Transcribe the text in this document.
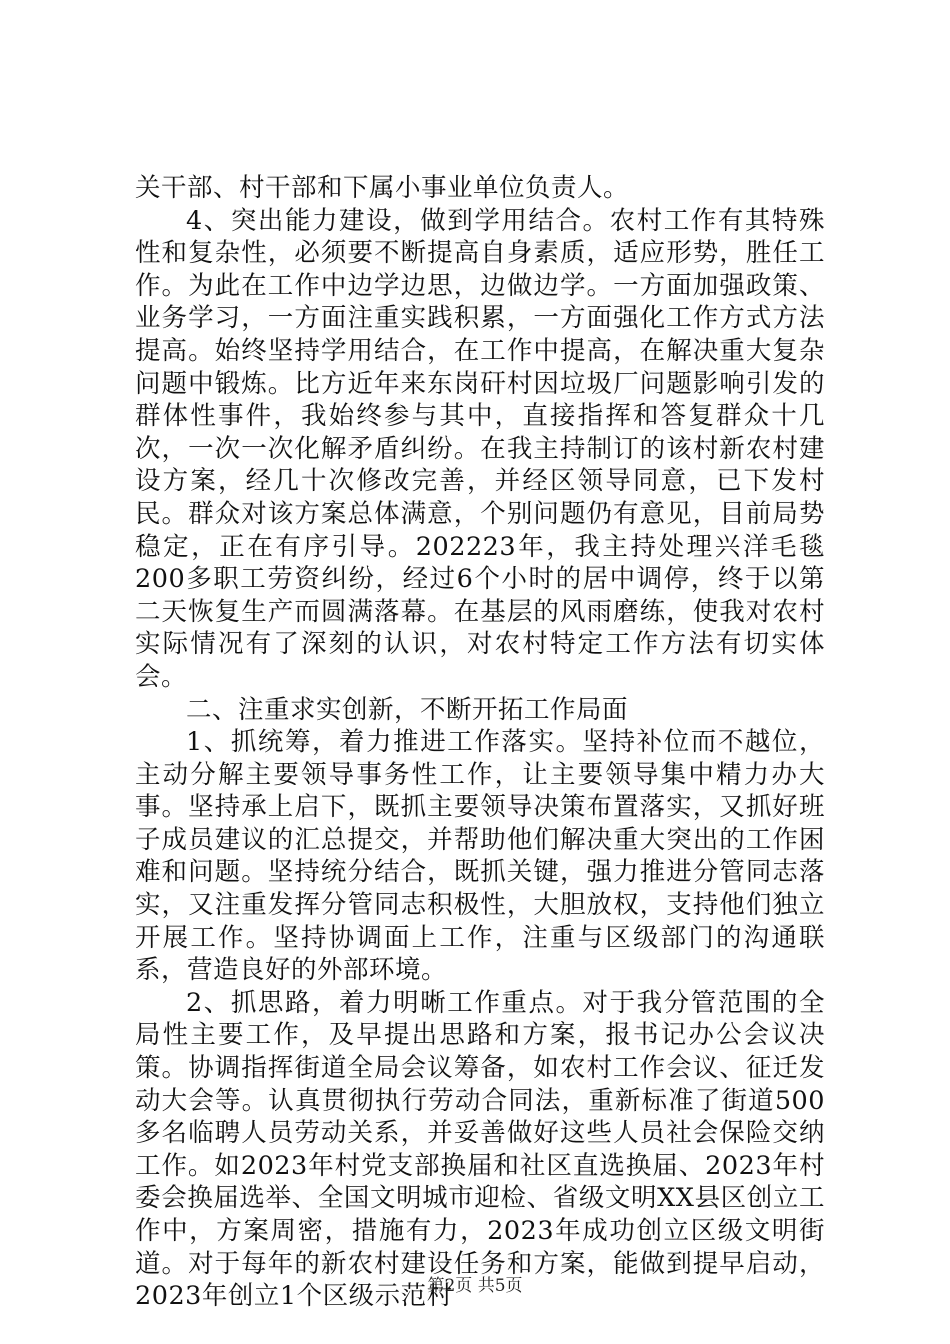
关干部、村干部和下属小事业单位负责人。

4、突出能力建设，做到学用结合。农村工作有其特殊性和复杂性，必须要不断提高自身素质，适应形势，胜任工作。为此在工作中边学边思，边做边学。一方面加强政策、业务学习，一方面注重实践积累，一方面强化工作方式方法提高。始终坚持学用结合，在工作中提高，在解决重大复杂问题中锻炼。比方近年来东岗矸村因垃圾厂问题影响引发的群体性事件，我始终参与其中，直接指挥和答复群众十几次，一次一次化解矛盾纠纷。在我主持制订的该村新农村建设方案，经几十次修改完善，并经区领导同意，已下发村民。群众对该方案总体满意，个别问题仍有意见，目前局势稳定，正在有序引导。202223年，我主持处理兴洋毛毯200多职工劳资纠纷，经过6个小时的居中调停，终于以第二天恢复生产而圆满落幕。在基层的风雨磨练，使我对农村实际情况有了深刻的认识，对农村特定工作方法有切实体会。

二、注重求实创新，不断开拓工作局面

1、抓统筹，着力推进工作落实。坚持补位而不越位，主动分解主要领导事务性工作，让主要领导集中精力办大事。坚持承上启下，既抓主要领导决策布置落实，又抓好班子成员建议的汇总提交，并帮助他们解决重大突出的工作困难和问题。坚持统分结合，既抓关键，强力推进分管同志落实，又注重发挥分管同志积极性，大胆放权，支持他们独立开展工作。坚持协调面上工作，注重与区级部门的沟通联系，营造良好的外部环境。

2、抓思路，着力明晰工作重点。对于我分管范围的全局性主要工作，及早提出思路和方案，报书记办公会议决策。协调指挥街道全局会议筹备，如农村工作会议、征迁发动大会等。认真贯彻执行劳动合同法，重新标准了街道500多名临聘人员劳动关系，并妥善做好这些人员社会保险交纳工作。如2023年村党支部换届和社区直选换届、2023年村委会换届选举、全国文明城市迎检、省级文明XX县区创立工作中，方案周密，措施有力，2023年成功创立区级文明街道。对于每年的新农村建设任务和方案，能做到提早启动，2023年创立1个区级示范村

第2页 共5页
